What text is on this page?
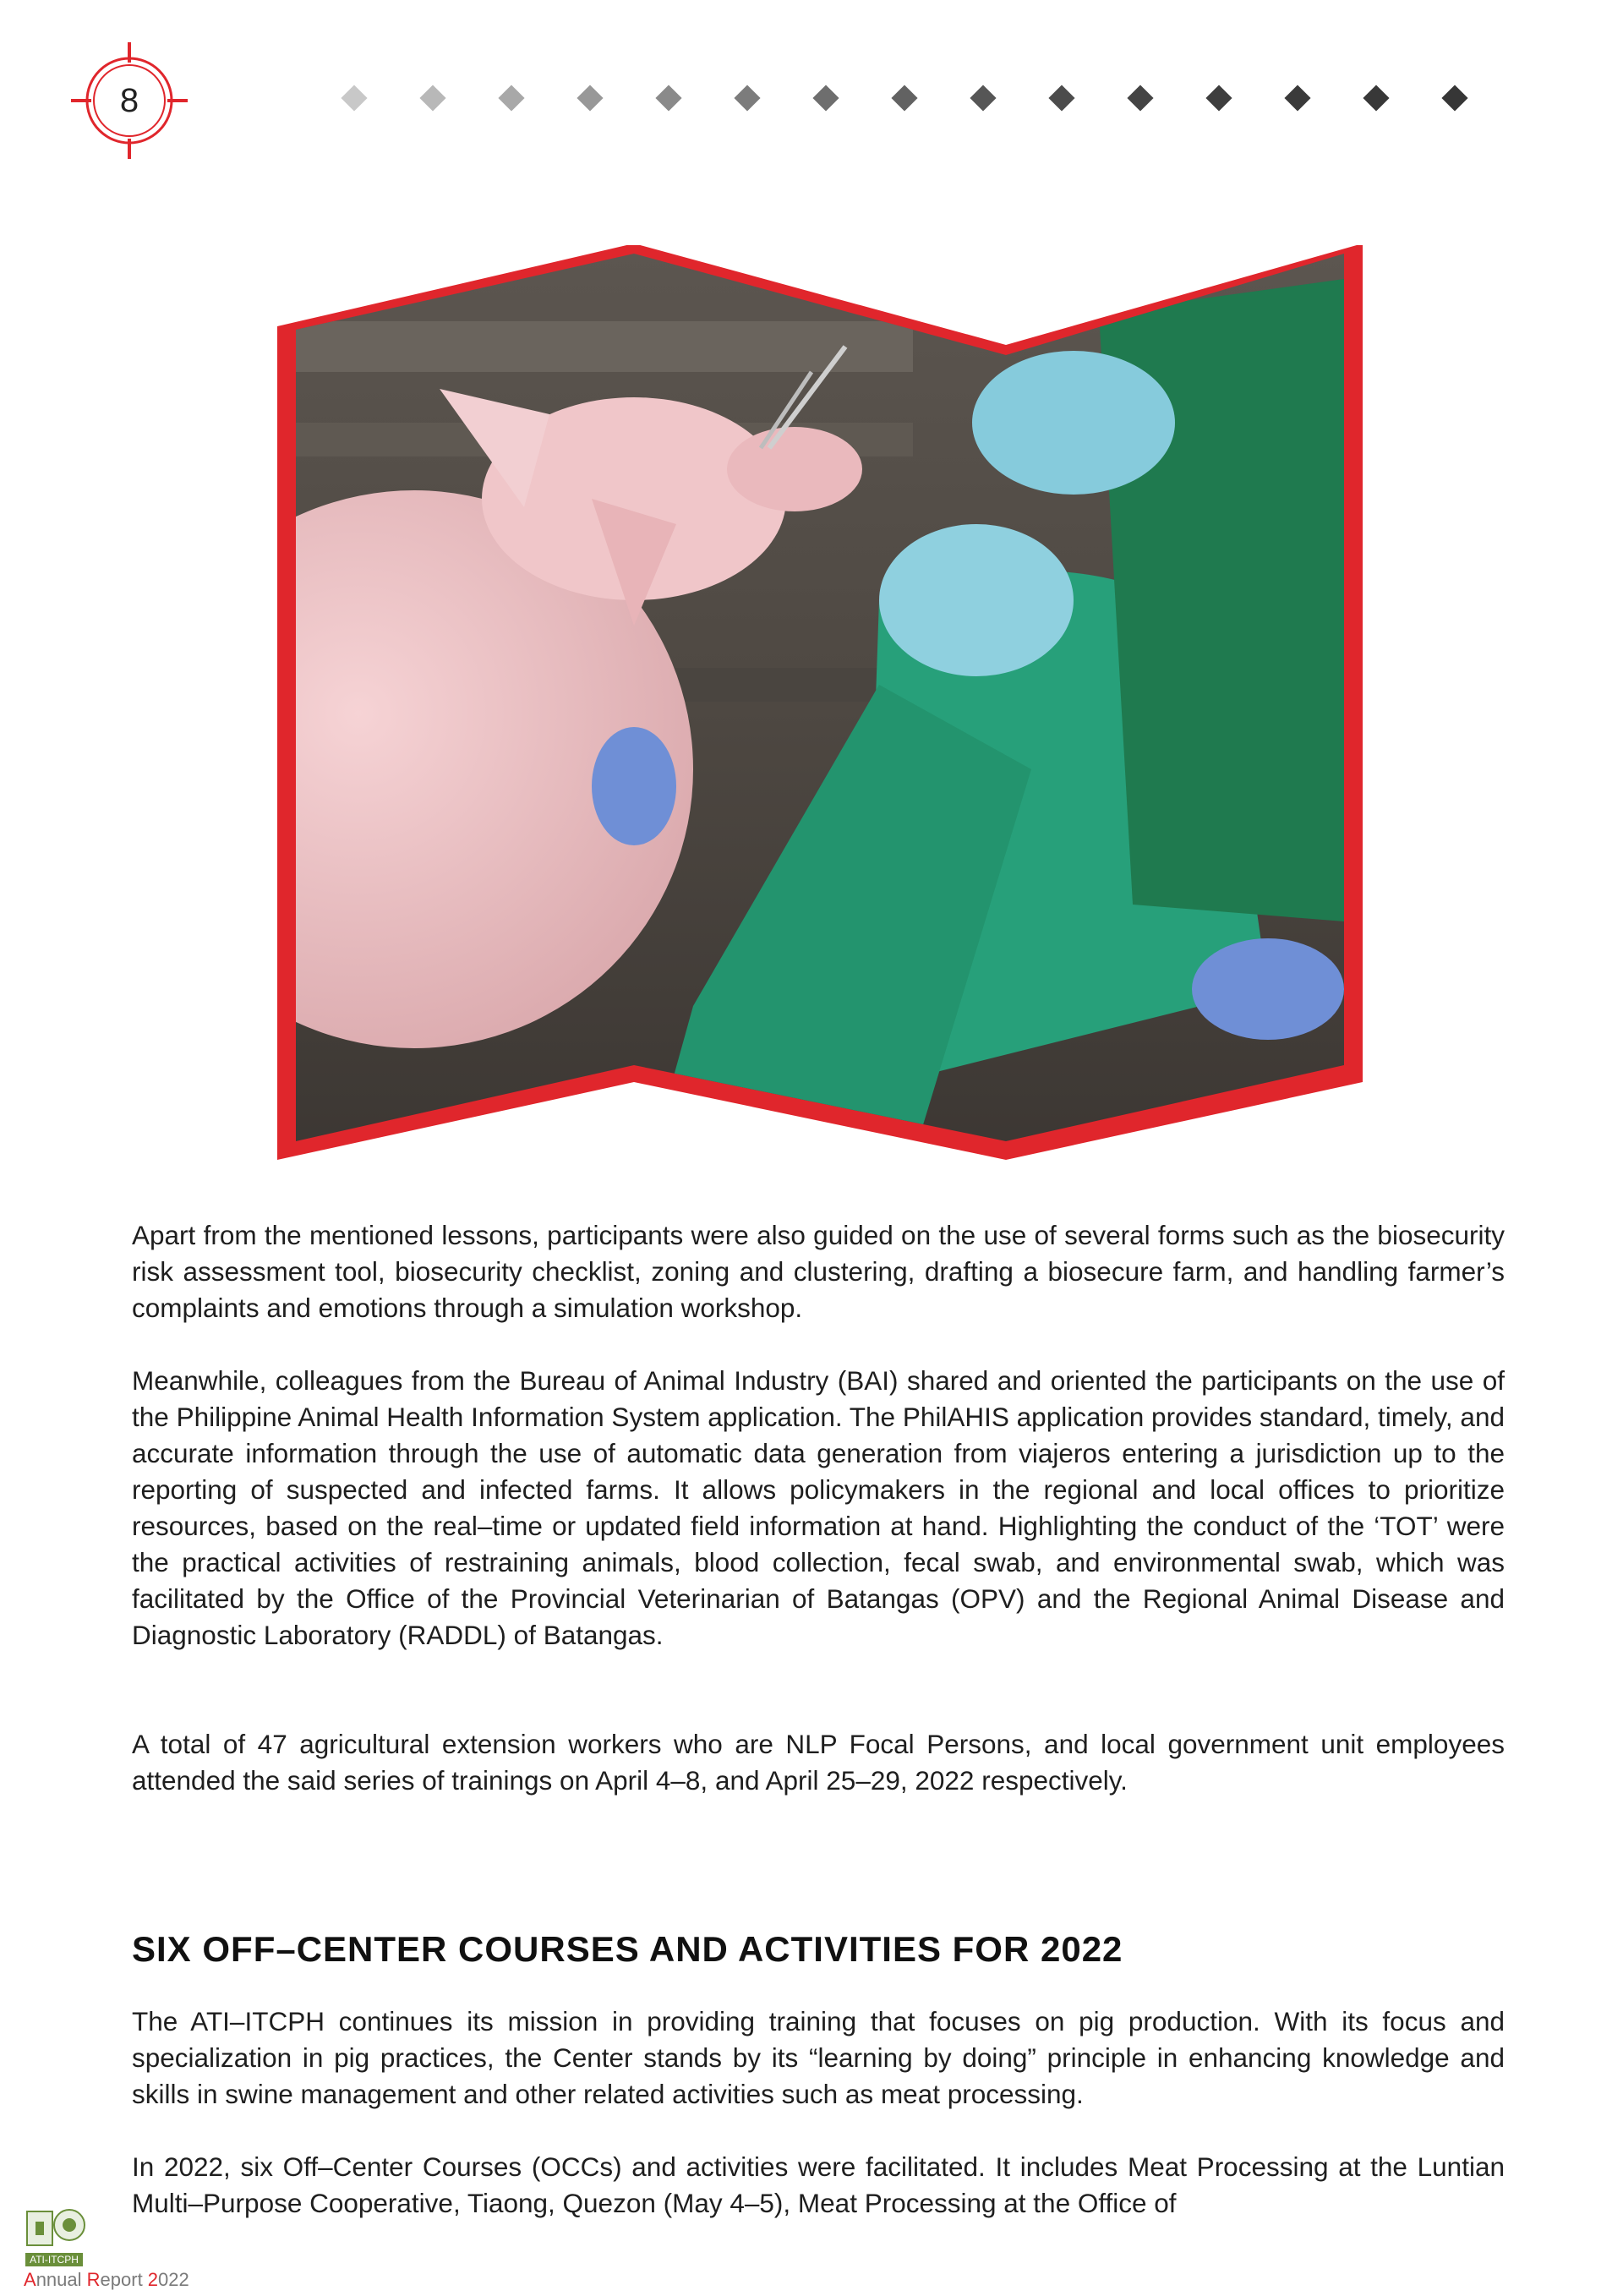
8

Apart from the mentioned lessons, participants were also guided on the use of several forms such as the biosecurity risk assessment tool, biosecurity checklist, zoning and clustering, drafting a biosecure farm, and handling farmer’s complaints and emotions through a simulation workshop.

Meanwhile, colleagues from the Bureau of Animal Industry (BAI) shared and oriented the participants on the use of the Philippine Animal Health Information System application. The PhilAHIS application provides standard, timely, and accurate information through the use of automatic data generation from viajeros entering a jurisdiction up to the reporting of suspected and infected farms. It allows policymakers in the regional and local offices to prioritize resources, based on the real–time or updated field information at hand. Highlighting the conduct of the ‘TOT’ were the practical activities of restraining animals, blood collection, fecal swab, and environmental swab, which was facilitated by the Office of the Provincial Veterinarian of Batangas (OPV) and the Regional Animal Disease and Diagnostic Laboratory (RADDL) of Batangas.

A total of 47 agricultural extension workers who are NLP Focal Persons, and local government unit employees attended the said series of trainings on April 4–8, and April 25–29, 2022 respectively.

SIX OFF–CENTER COURSES AND ACTIVITIES FOR 2022

The ATI–ITCPH continues its mission in providing training that focuses on pig production. With its focus and specialization in pig practices, the Center stands by its “learning by doing” principle in enhancing knowledge and skills in swine management and other related activities such as meat processing.

In 2022, six Off–Center Courses (OCCs) and activities were facilitated. It includes Meat Processing at the Luntian Multi–Purpose Cooperative, Tiaong, Quezon (May 4–5), Meat Processing at the Office of

ATI-ITCPH
Annual Report 2022
